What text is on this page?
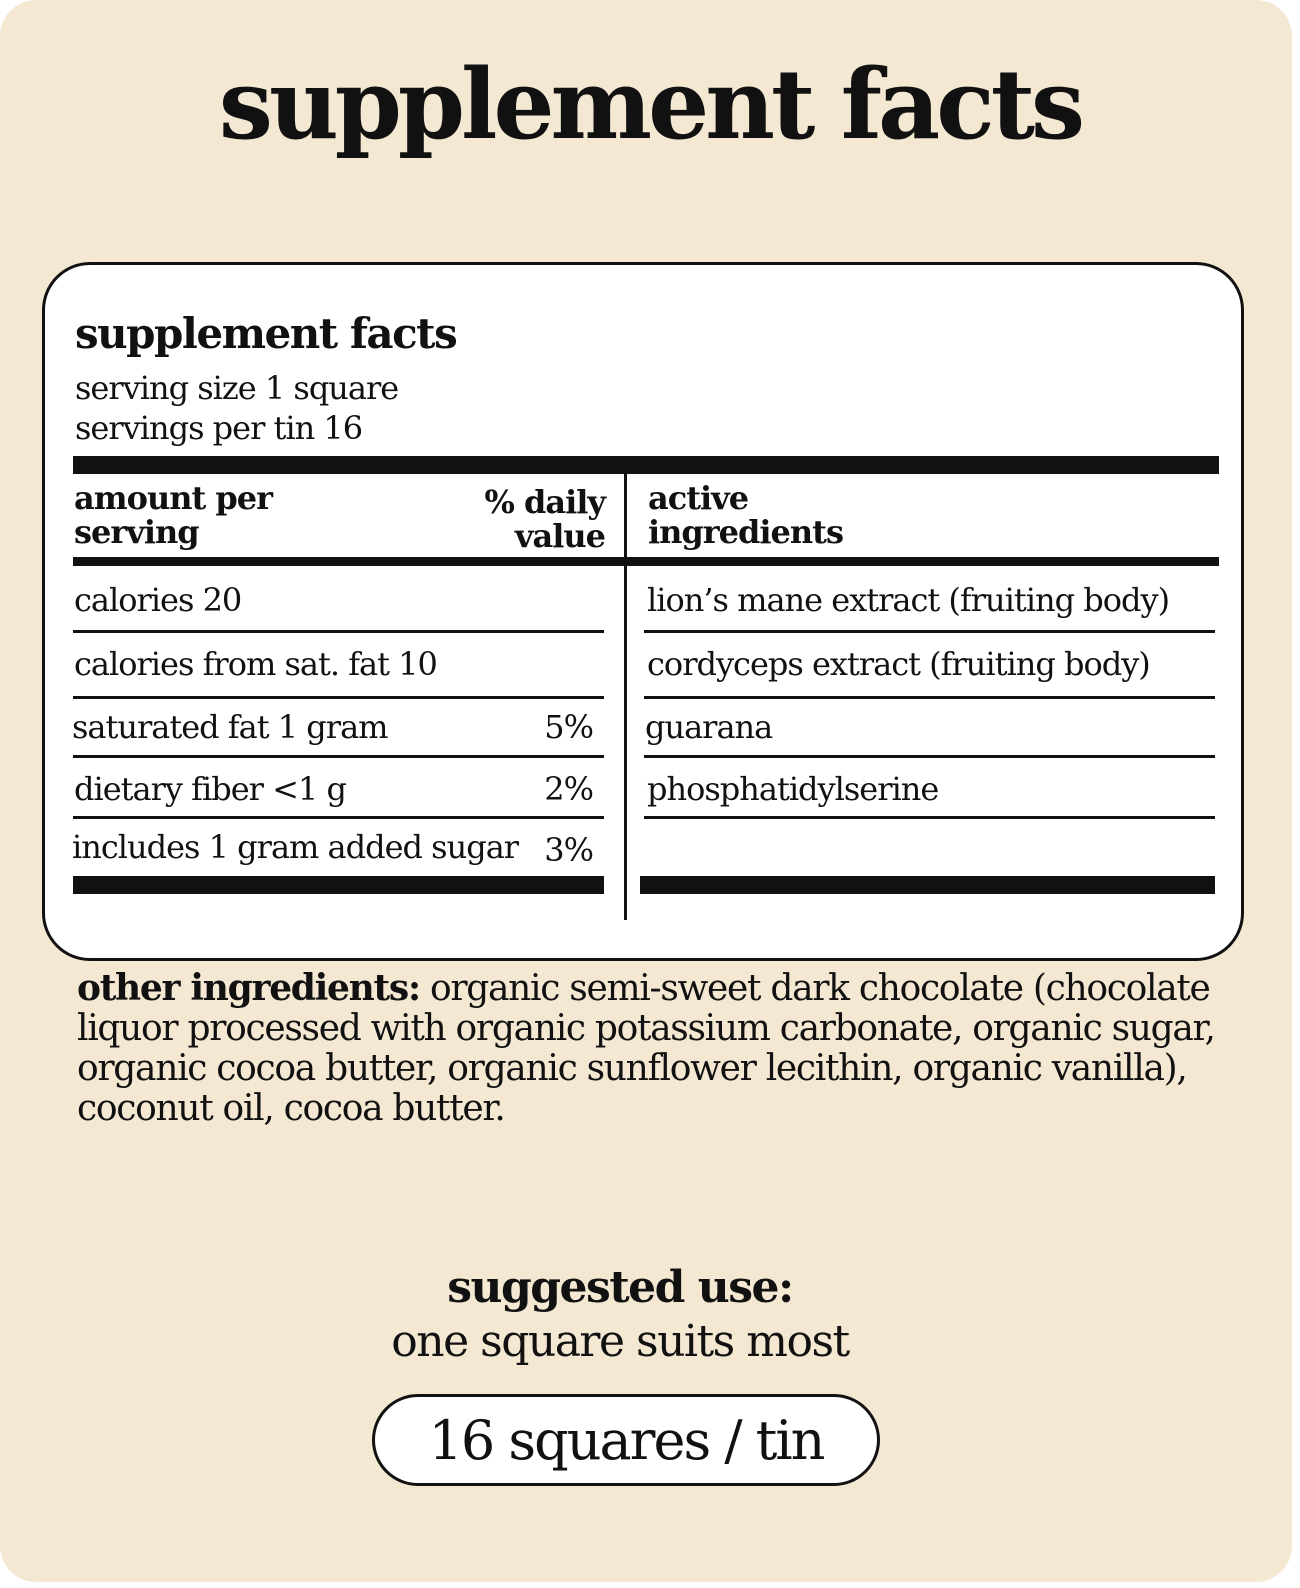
supplement facts
supplement facts
serving size 1 square
servings per tin 16
amount per serving
% daily value
active ingredients
calories 20
calories from sat. fat 10
saturated fat 1 gram	5%
dietary fiber <1 g	2%
includes 1 gram added sugar 3%
lion’s mane extract (fruiting body)
cordyceps extract (fruiting body)
guarana
phosphatidylserine
other ingredients: organic semi-sweet dark chocolate (chocolate liquor processed with organic potassium carbonate, organic sugar, organic cocoa butter, organic sunflower lecithin, organic vanilla), coconut oil, cocoa butter.
suggested use:
one square suits most
16 squares / tin
